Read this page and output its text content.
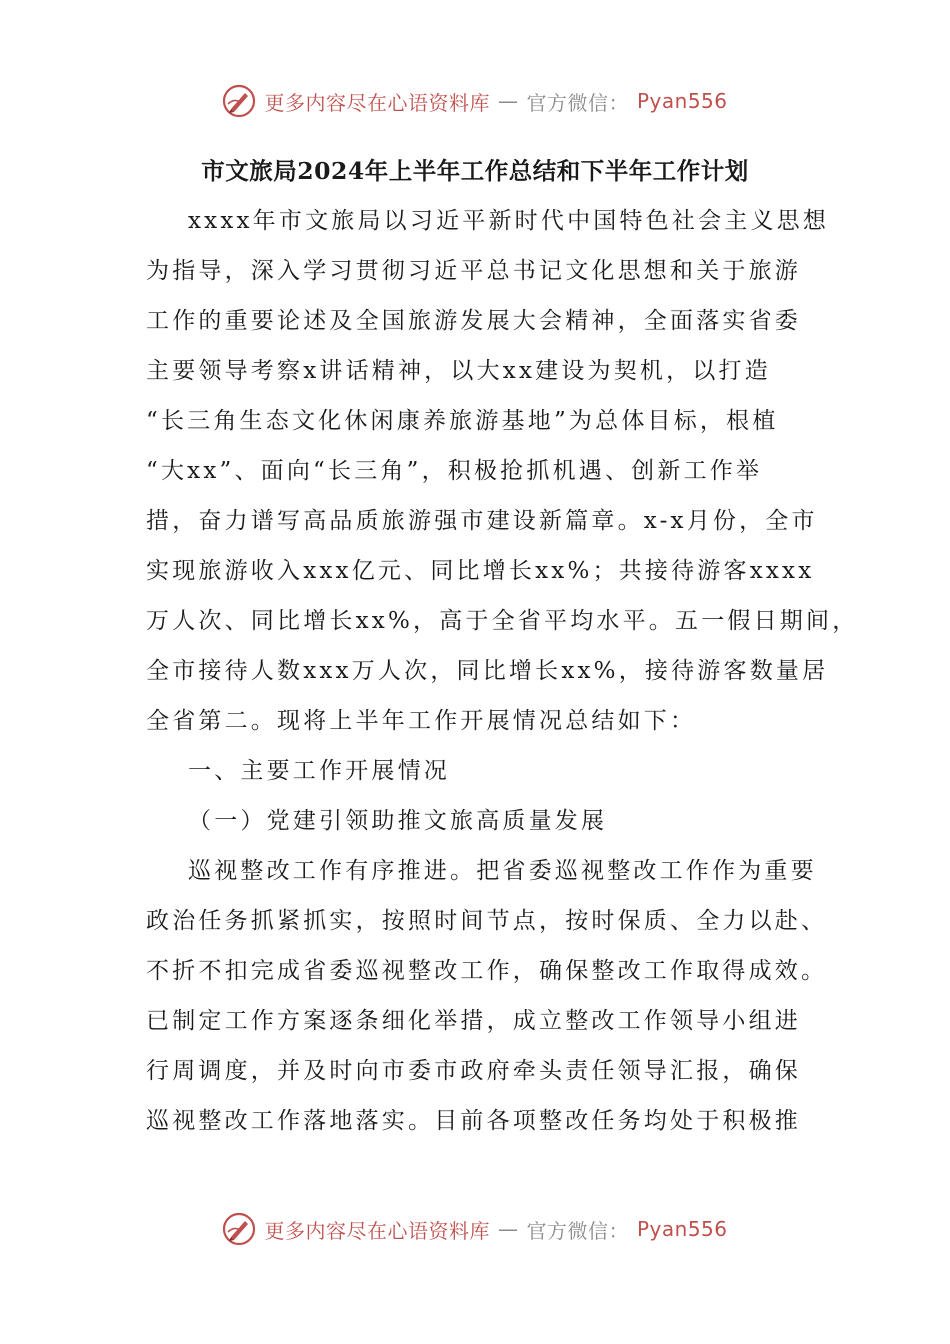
更多内容尽在心语资料库 — 官方微信： Pyan556
市文旅局2024年上半年工作总结和下半年工作计划
xxxx年市文旅局以习近平新时代中国特色社会主义思想
为指导，深入学习贯彻习近平总书记文化思想和关于旅游
工作的重要论述及全国旅游发展大会精神，全面落实省委
主要领导考察x讲话精神，以大xx建设为契机，以打造
“长三角生态文化休闲康养旅游基地”为总体目标，根植
“大xx”、面向“长三角”，积极抢抓机遇、创新工作举
措，奋力谱写高品质旅游强市建设新篇章。x-x月份，全市
实现旅游收入xxx亿元、同比增长xx%；共接待游客xxxx
万人次、同比增长xx%，高于全省平均水平。五一假日期间，
全市接待人数xxx万人次，同比增长xx%，接待游客数量居
全省第二。现将上半年工作开展情况总结如下：
一、主要工作开展情况
（一）党建引领助推文旅高质量发展
巡视整改工作有序推进。把省委巡视整改工作作为重要
政治任务抓紧抓实，按照时间节点，按时保质、全力以赴、
不折不扣完成省委巡视整改工作，确保整改工作取得成效。
已制定工作方案逐条细化举措，成立整改工作领导小组进
行周调度，并及时向市委市政府牵头责任领导汇报，确保
巡视整改工作落地落实。目前各项整改任务均处于积极推
更多内容尽在心语资料库 — 官方微信： Pyan556
